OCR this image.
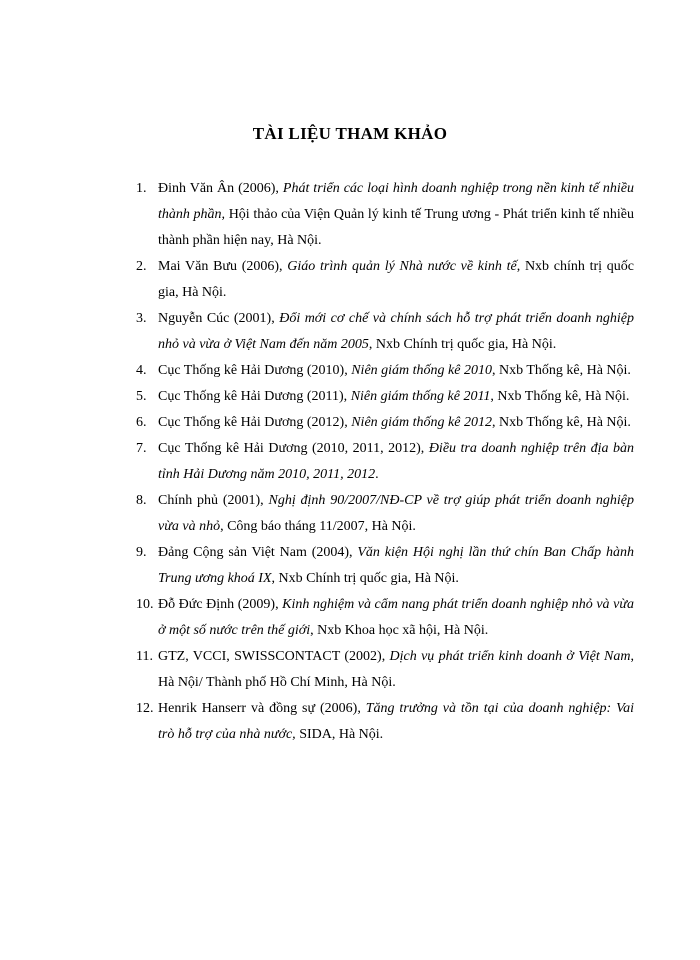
TÀI LIỆU THAM KHẢO
1. Đinh Văn Ân (2006), Phát triển các loại hình doanh nghiệp trong nền kinh tế nhiều thành phần, Hội thảo của Viện Quản lý kinh tế Trung ương - Phát triển kinh tế nhiều thành phần hiện nay, Hà Nội.
2. Mai Văn Bưu (2006), Giáo trình quản lý Nhà nước về kinh tế, Nxb chính trị quốc gia, Hà Nội.
3. Nguyễn Cúc (2001), Đổi mới cơ chế và chính sách hỗ trợ phát triển doanh nghiệp nhỏ và vừa ở Việt Nam đến năm 2005, Nxb Chính trị quốc gia, Hà Nội.
4. Cục Thống kê Hải Dương (2010), Niên giám thống kê 2010, Nxb Thống kê, Hà Nội.
5. Cục Thống kê Hải Dương (2011), Niên giám thống kê 2011, Nxb Thống kê, Hà Nội.
6. Cục Thống kê Hải Dương (2012), Niên giám thống kê 2012, Nxb Thống kê, Hà Nội.
7. Cục Thống kê Hải Dương (2010, 2011, 2012), Điều tra doanh nghiệp trên địa bàn tỉnh Hải Dương năm 2010, 2011, 2012.
8. Chính phủ (2001), Nghị định 90/2007/NĐ-CP về trợ giúp phát triển doanh nghiệp vừa và nhỏ, Công báo tháng 11/2007, Hà Nội.
9. Đảng Cộng sản Việt Nam (2004), Văn kiện Hội nghị lần thứ chín Ban Chấp hành Trung ương khoá IX, Nxb Chính trị quốc gia, Hà Nội.
10. Đỗ Đức Định (2009), Kinh nghiệm và cẩm nang phát triển doanh nghiệp nhỏ và vừa ở một số nước trên thế giới, Nxb Khoa học xã hội, Hà Nội.
11. GTZ, VCCI, SWISSCONTACT (2002), Dịch vụ phát triển kinh doanh ở Việt Nam, Hà Nội/ Thành phố Hồ Chí Minh, Hà Nội.
12. Henrik Hanserr và đồng sự (2006), Tăng trưởng và tồn tại của doanh nghiệp: Vai trò hỗ trợ của nhà nước, SIDA, Hà Nội.
